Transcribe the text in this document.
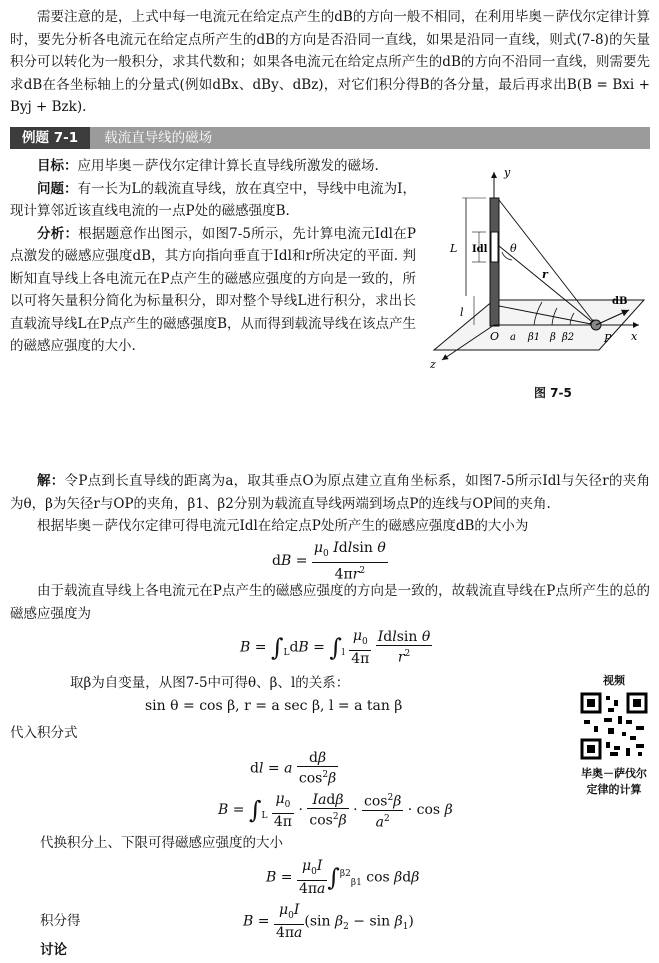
需要注意的是，上式中每一电流元在给定点产生的dB的方向一般不相同，在利用毕奥－萨伐尔定律计算时，要先分析各电流元在给定点所产生的dB的方向是否沿同一直线，如果是沿同一直线，则式(7-8)的矢量积分可以转化为一般积分，求其代数和；如果各电流元在给定点所产生的dB的方向不沿同一直线，则需要先求dB在各坐标轴上的分量式(例如dBx、dBy、dBz)，对它们积分得B的各分量，最后再求出B(B = Bxi + Byj + Bzk).

例题 7-1 载流直导线的磁场

目标：应用毕奥－萨伐尔定律计算长直导线所激发的磁场.

问题：有一长为L的载流直导线，放在真空中，导线中电流为I，现计算邻近该直线电流的一点P处的磁感强度B.

分析：根据题意作出图示，如图7-5所示，先计算电流元Idl在P点激发的磁感应强度dB，其方向指向垂直于Idl和r所决定的平面. 判断知直导线上各电流元在P点产生的磁感应强度的方向是一致的，所以可将矢量积分简化为标量积分，即对整个导线L进行积分，求出长直载流导线L在P点产生的磁感强度B，从而得到载流导线在该点产生的磁感应强度的大小.

y
x
z
L Idl
l
θ
r
dB
O a β1 β β2	P
图 7-5

解：令P点到长直导线的距离为a，取其垂点O为原点建立直角坐标系，如图7-5所示Idl与矢径r的夹角为θ，β为矢径r与OP的夹角，β1、β2分别为载流直导线两端到场点P的连线与OP间的夹角.

根据毕奥－萨伐尔定律可得电流元Idl在给定点P处所产生的磁感应强度dB的大小为

dB = $\frac{\mu_0 Idlsin \theta}{4\pi r^2}$

由于载流直导线上各电流元在P点产生的磁感应强度的方向是一致的，故载流直导线在P点所产生的总的磁感应强度为

$B = \int_LdB = \int_l \frac{\mu_0}{4\pi}$
$\frac{\text{Idlsin θ}}{r^2}$

取β为自变量，从图7-5中可得θ、β、l的关系：

sin θ = cos β, r = a sec β, l = a tan β

代入积分式

dl = a $\frac{d\beta}{\cos^2\beta}$
$B = \int_L \frac{\mu_0}{4\pi} \cdot \frac{\text{Iadβ}}{\cos^2\beta} \cdot \frac{\cos^2\beta}{a^2} \cdot \cos \beta$

代换积分上、下限可得磁感应强度的大小

$B = \frac{\mu_0I}{4\pi a} \int^{\beta 2}_{\beta 1}$ cos βdβ

积分得	$B = \frac{\mu_0I}{4\pi a} (\sin$ $\beta_2 - \sin \beta_1$)
讨论
视频
毕奥－萨伐尔
定律的计算
